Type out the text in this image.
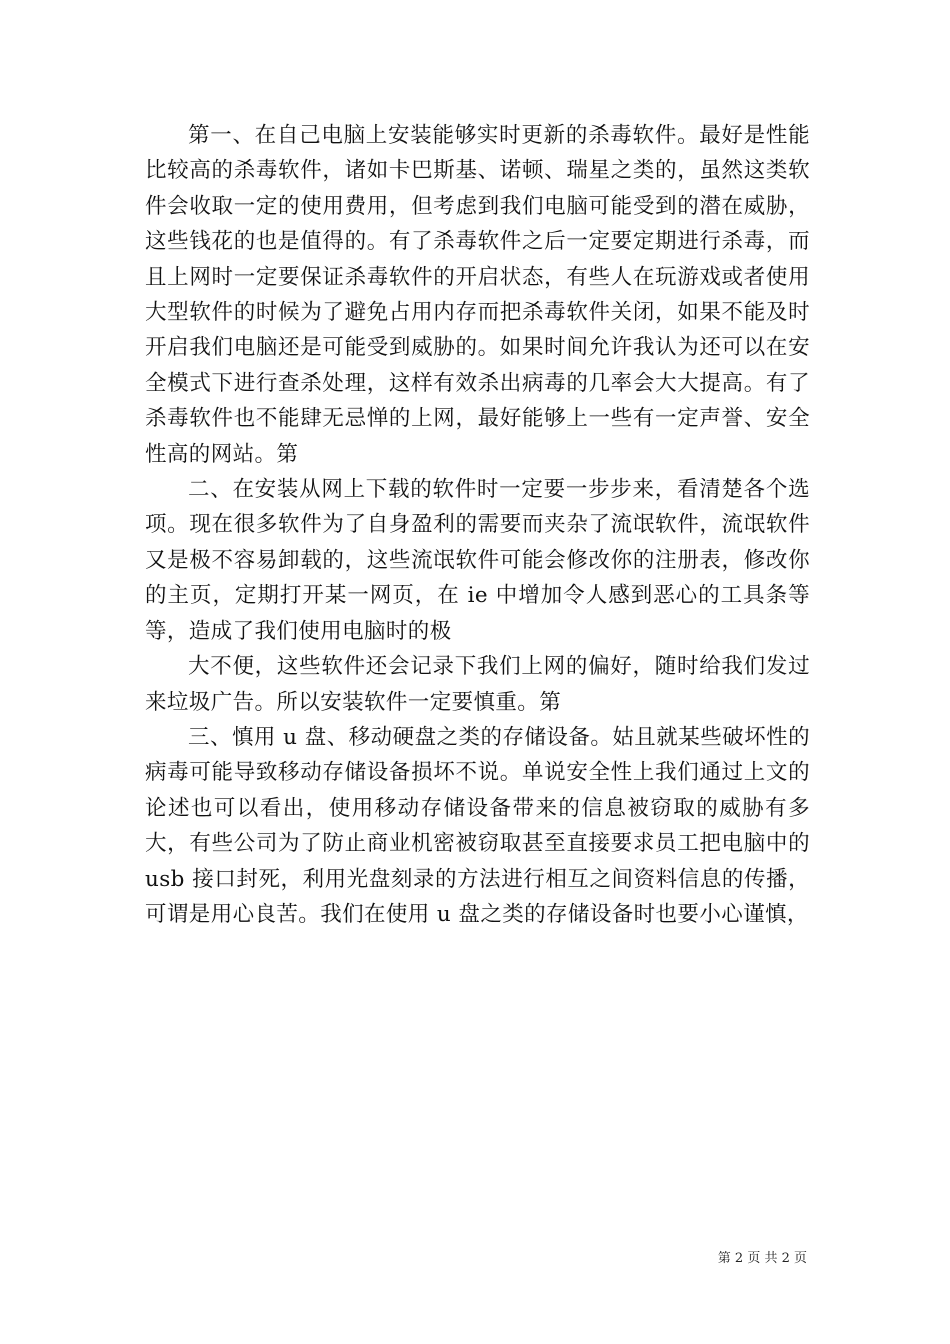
第一、在自己电脑上安装能够实时更新的杀毒软件。最好是性能比较高的杀毒软件，诸如卡巴斯基、诺顿、瑞星之类的，虽然这类软件会收取一定的使用费用，但考虑到我们电脑可能受到的潜在威胁，这些钱花的也是值得的。有了杀毒软件之后一定要定期进行杀毒，而且上网时一定要保证杀毒软件的开启状态，有些人在玩游戏或者使用大型软件的时候为了避免占用内存而把杀毒软件关闭，如果不能及时开启我们电脑还是可能受到威胁的。如果时间允许我认为还可以在安全模式下进行查杀处理，这样有效杀出病毒的几率会大大提高。有了杀毒软件也不能肆无忌惮的上网，最好能够上一些有一定声誉、安全性高的网站。第

二、在安装从网上下载的软件时一定要一步步来，看清楚各个选项。现在很多软件为了自身盈利的需要而夹杂了流氓软件，流氓软件又是极不容易卸载的，这些流氓软件可能会修改你的注册表，修改你的主页，定期打开某一网页，在 ie 中增加令人感到恶心的工具条等等，造成了我们使用电脑时的极

大不便，这些软件还会记录下我们上网的偏好，随时给我们发过来垃圾广告。所以安装软件一定要慎重。第

三、慎用 u 盘、移动硬盘之类的存储设备。姑且就某些破坏性的病毒可能导致移动存储设备损坏不说。单说安全性上我们通过上文的论述也可以看出，使用移动存储设备带来的信息被窃取的威胁有多大，有些公司为了防止商业机密被窃取甚至直接要求员工把电脑中的 usb 接口封死，利用光盘刻录的方法进行相互之间资料信息的传播，可谓是用心良苦。我们在使用 u 盘之类的存储设备时也要小心谨慎，

第 2 页 共 2 页
